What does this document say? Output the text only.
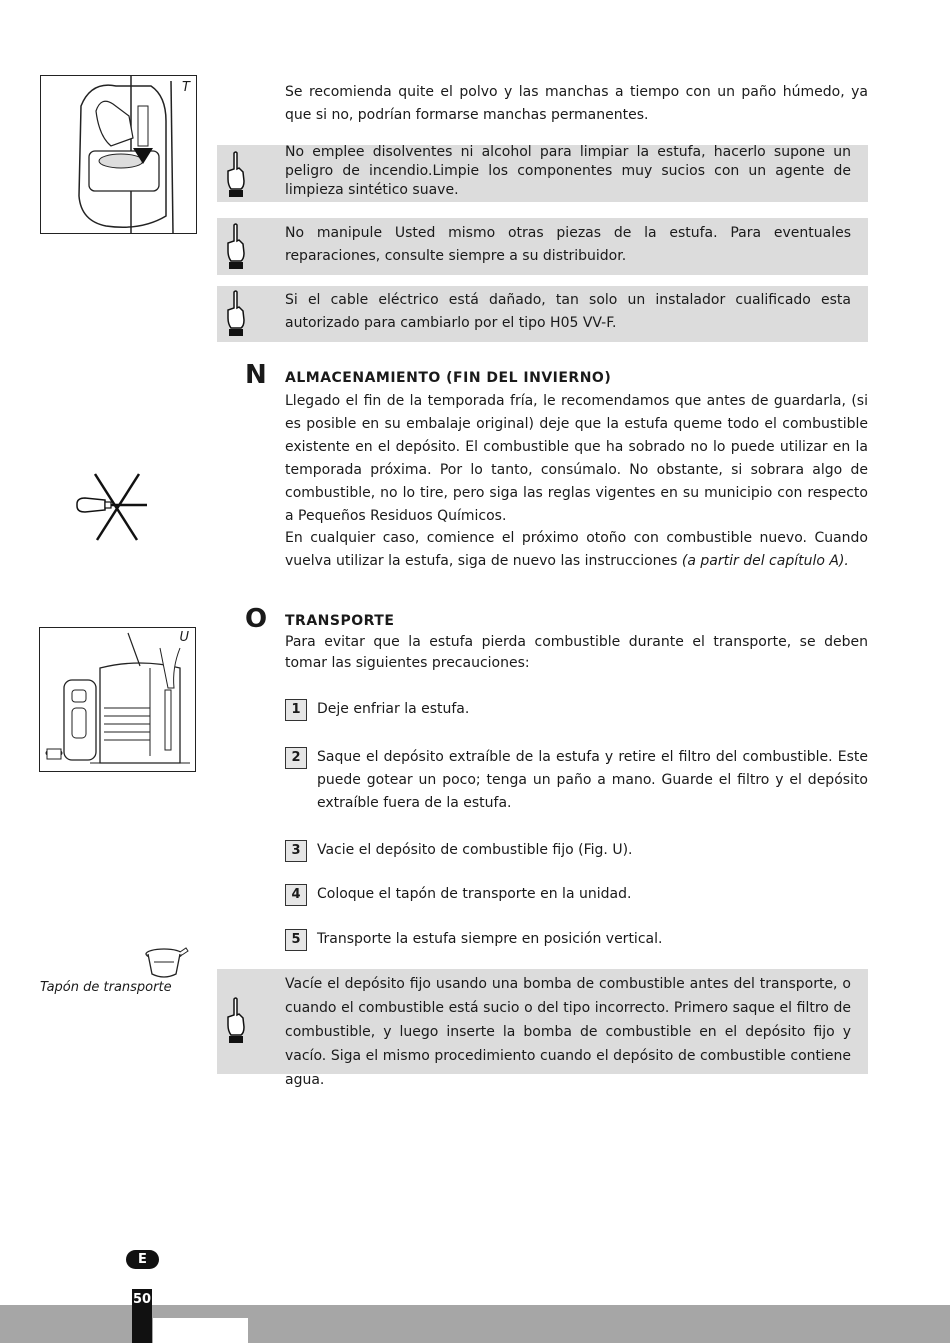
T	Se recomienda quite el polvo y las manchas a tiempo con un paño húmedo, ya que si no, podrían formarse manchas permanentes.
No emplee disolventes ni alcohol para limpiar la estufa, hacerlo supone un peligro de incendio.Limpie los componentes muy sucios con un agente de limpieza sintético suave.
No manipule Usted mismo otras piezas de la estufa. Para eventuales reparaciones, consulte siempre a su distribuidor.
Si el cable eléctrico está dañado, tan solo un instalador cualificado esta autorizado para cambiarlo por el tipo H05 VV-F.
N ALMACENAMIENTO (FIN DEL INVIERNO)
Llegado el fin de la temporada fría, le recomendamos que antes de guardarla, (si es posible en su embalaje original) deje que la estufa queme todo el combustible existente en el depósito. El combustible que ha sobrado no lo puede utilizar en la temporada próxima. Por lo tanto, consúmalo. No obstante, si sobrara algo de combustible, no lo tire, pero siga las reglas vigentes en su municipio con respecto a Pequeños Residuos Químicos.
En cualquier caso, comience el próximo otoño con combustible nuevo. Cuando vuelva utilizar la estufa, siga de nuevo las instrucciones (a partir del capítulo A).
O TRANSPORTE
Para evitar que la estufa pierda combustible durante el transporte, se deben tomar las siguientes precauciones:
U
1	Deje enfriar la estufa.
2	Saque el depósito extraíble de la estufa y retire el filtro del combustible. Este puede gotear un poco; tenga un paño a mano. Guarde el filtro y el depósito extraíble fuera de la estufa.
3	Vacie el depósito de combustible fijo (Fig. U).
4	Coloque el tapón de transporte en la unidad.
5	Transporte la estufa siempre en posición vertical.
Tapón de transporte	Vacíe el depósito fijo usando una bomba de combustible antes del transporte, o cuando el combustible está sucio o del tipo incorrecto. Primero saque el filtro de combustible, y luego inserte la bomba de combustible en el depósito fijo y vacío. Siga el mismo procedimiento cuando el depósito de combustible contiene agua.
E
50
